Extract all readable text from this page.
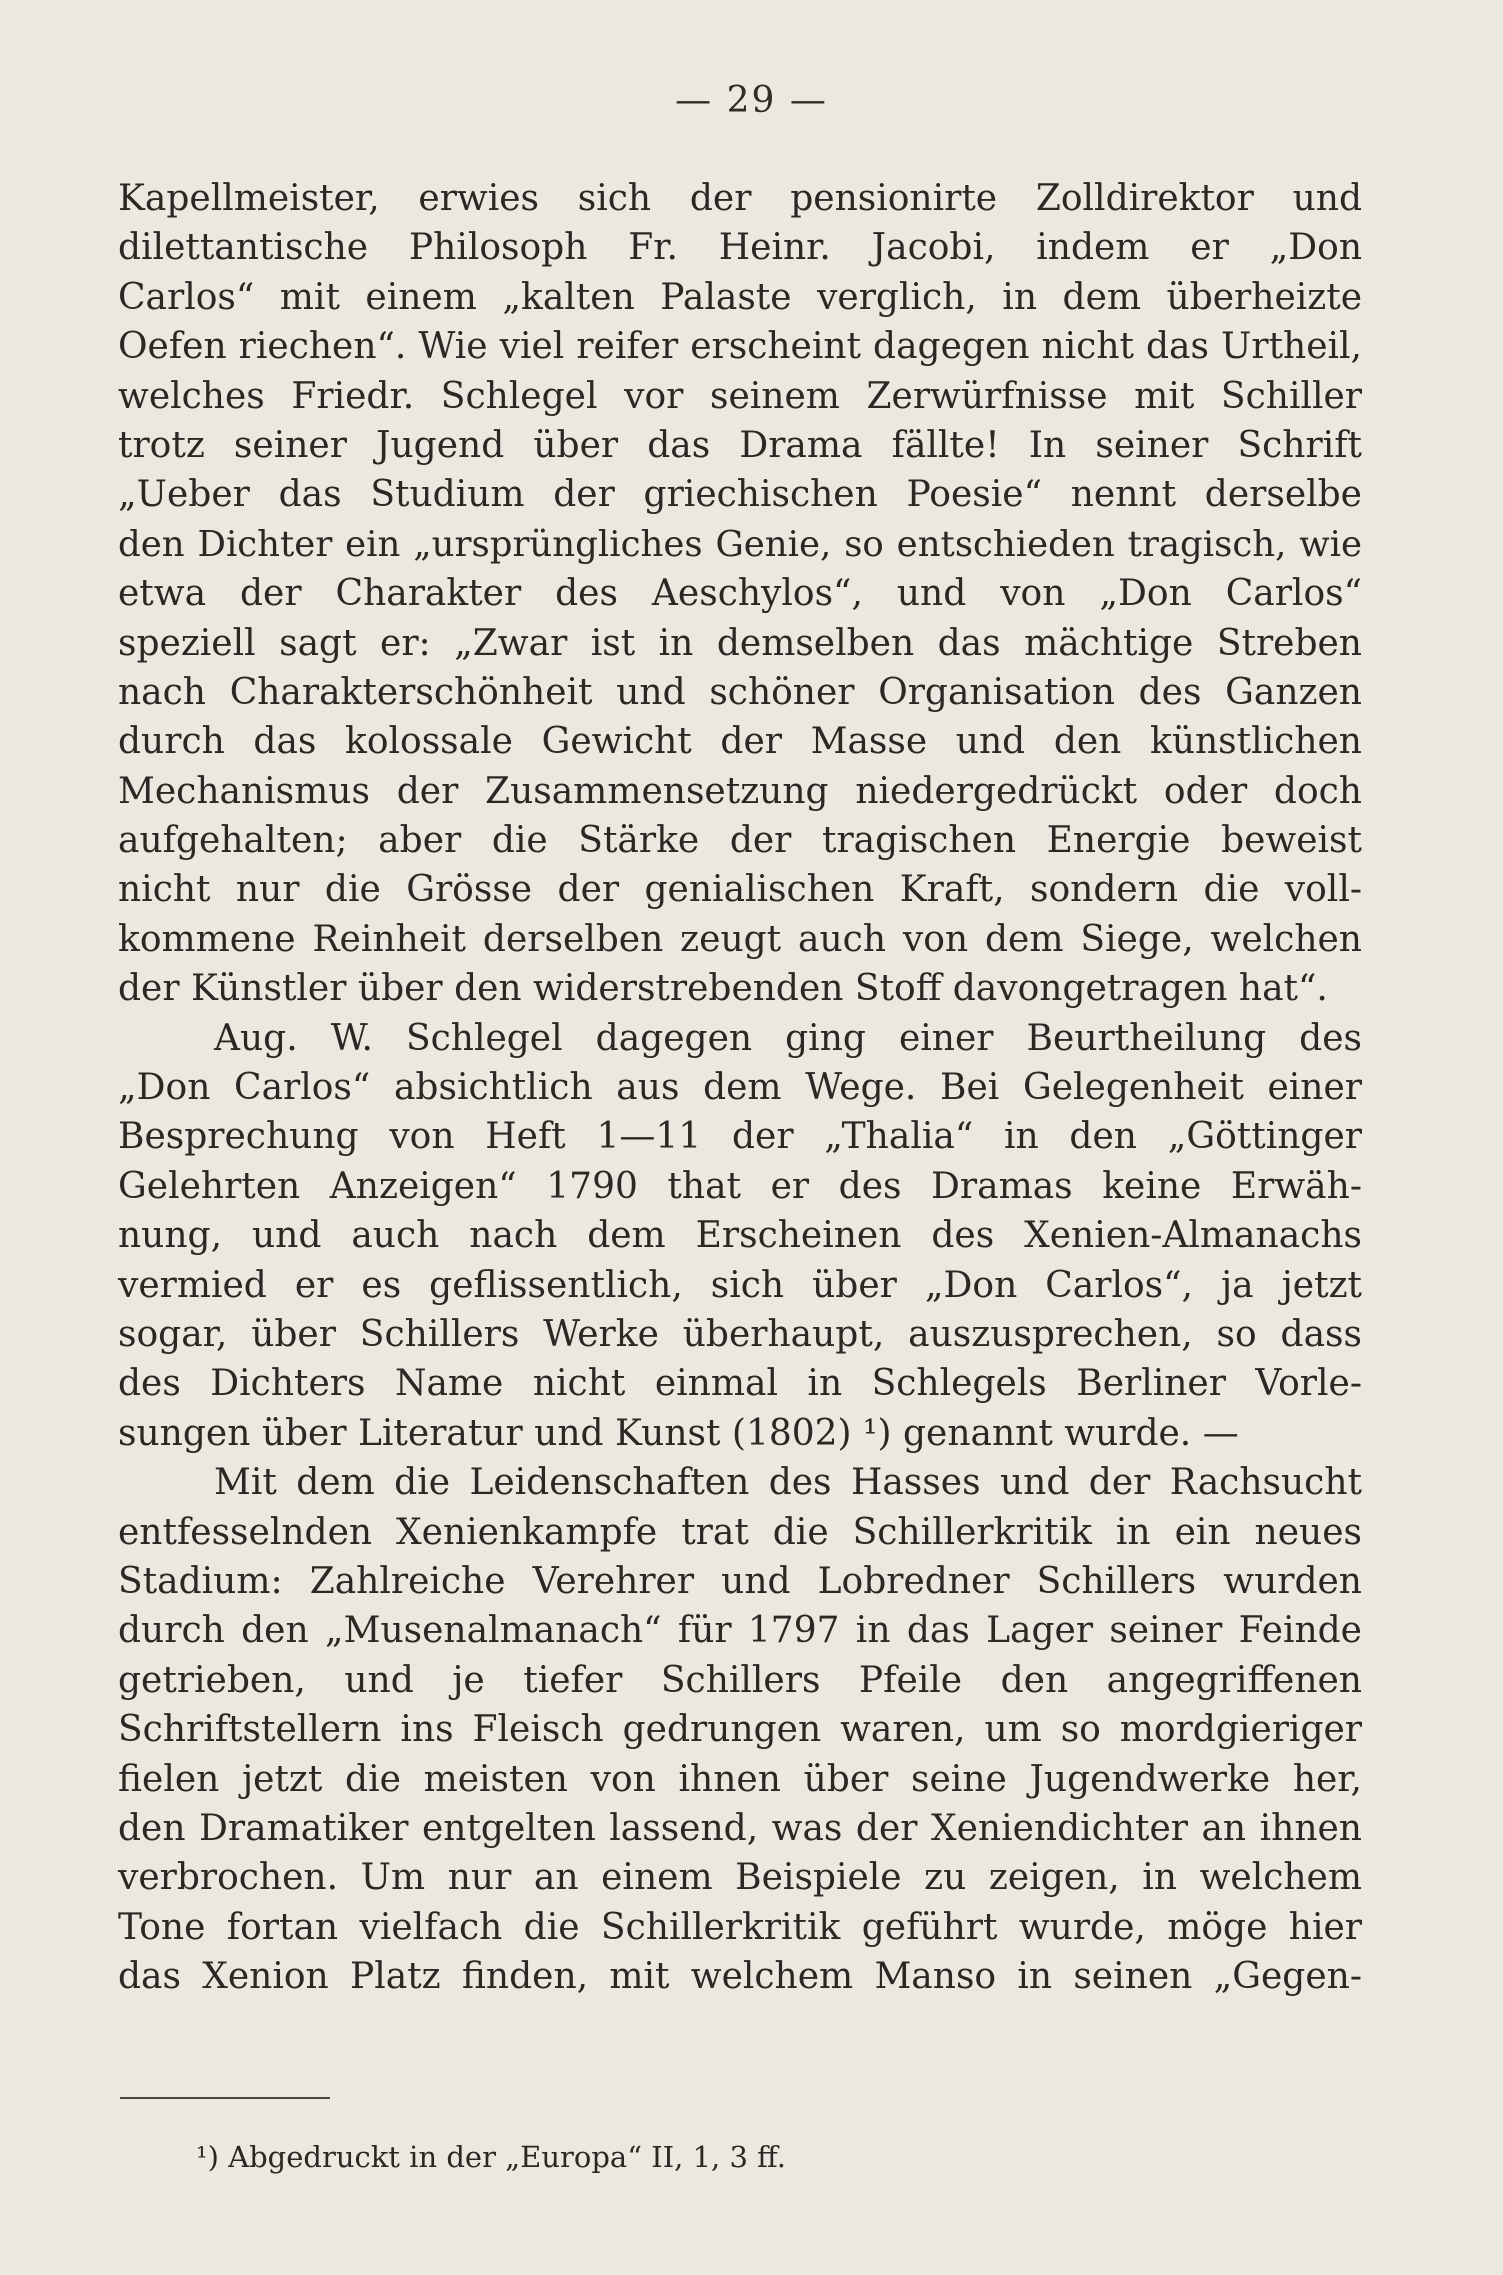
— 29 —
Kapellmeister, erwies sich der pensionirte Zolldirektor und
dilettantische Philosoph Fr. Heinr. Jacobi, indem er „Don
Carlos“ mit einem „kalten Palaste verglich, in dem überheizte
Oefen riechen“. Wie viel reifer erscheint dagegen nicht das Urtheil,
welches Friedr. Schlegel vor seinem Zerwürfnisse mit Schiller
trotz seiner Jugend über das Drama fällte! In seiner Schrift
„Ueber das Studium der griechischen Poesie“ nennt derselbe
den Dichter ein „ursprüngliches Genie, so entschieden tragisch, wie
etwa der Charakter des Aeschylos“, und von „Don Carlos“
speziell sagt er: „Zwar ist in demselben das mächtige Streben
nach Charakterschönheit und schöner Organisation des Ganzen
durch das kolossale Gewicht der Masse und den künstlichen
Mechanismus der Zusammensetzung niedergedrückt oder doch
aufgehalten; aber die Stärke der tragischen Energie beweist
nicht nur die Grösse der genialischen Kraft, sondern die voll-
kommene Reinheit derselben zeugt auch von dem Siege, welchen
der Künstler über den widerstrebenden Stoff davongetragen hat“.
Aug. W. Schlegel dagegen ging einer Beurtheilung des
„Don Carlos“ absichtlich aus dem Wege. Bei Gelegenheit einer
Besprechung von Heft 1—11 der „Thalia“ in den „Göttinger
Gelehrten Anzeigen“ 1790 that er des Dramas keine Erwäh-
nung, und auch nach dem Erscheinen des Xenien-Almanachs
vermied er es geflissentlich, sich über „Don Carlos“, ja jetzt
sogar, über Schillers Werke überhaupt, auszusprechen, so dass
des Dichters Name nicht einmal in Schlegels Berliner Vorle-
sungen über Literatur und Kunst (1802) ¹) genannt wurde. —
Mit dem die Leidenschaften des Hasses und der Rachsucht
entfesselnden Xenienkampfe trat die Schillerkritik in ein neues
Stadium: Zahlreiche Verehrer und Lobredner Schillers wurden
durch den „Musenalmanach“ für 1797 in das Lager seiner Feinde
getrieben, und je tiefer Schillers Pfeile den angegriffenen
Schriftstellern ins Fleisch gedrungen waren, um so mordgieriger
fielen jetzt die meisten von ihnen über seine Jugendwerke her,
den Dramatiker entgelten lassend, was der Xeniendichter an ihnen
verbrochen. Um nur an einem Beispiele zu zeigen, in welchem
Tone fortan vielfach die Schillerkritik geführt wurde, möge hier
das Xenion Platz finden, mit welchem Manso in seinen „Gegen-
¹) Abgedruckt in der „Europa“ II, 1, 3 ff.
